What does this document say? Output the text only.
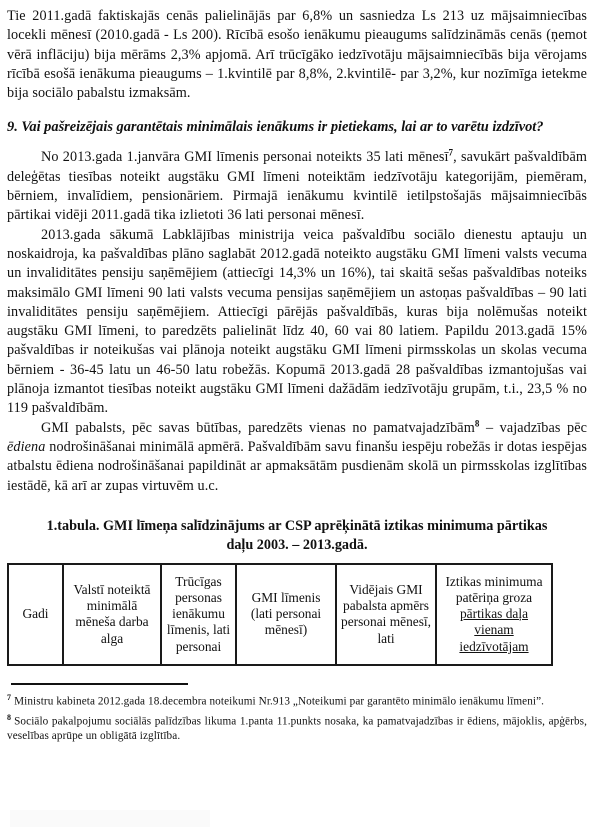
Tie 2011.gadā faktiskajās cenās palielinājās par 6,8% un sasniedza Ls 213 uz mājsaimniecības locekli mēnesī (2010.gadā - Ls 200). Rīcībā esošo ienākumu pieaugums salīdzināmās cenās (ņemot vērā inflāciju) bija mērāms 2,3% apjomā. Arī trūcīgāko iedzīvotāju mājsaimniecībās bija vērojams rīcībā esošā ienākuma pieaugums – 1.kvintilē par 8,8%, 2.kvintilē- par 3,2%, kur nozīmīga ietekme bija sociālo pabalstu izmaksām.

9. Vai pašreizējais garantētais minimālais ienākums ir pietiekams, lai ar to varētu izdzīvot?

No 2013.gada 1.janvāra GMI līmenis personai noteikts 35 lati mēnesī$^7$, savukārt pašvaldībām deleģētas tiesības noteikt augstāku GMI līmeni noteiktām iedzīvotāju kategorijām, piemēram, bērniem, invalīdiem, pensionāriem. Pirmajā ienākumu kvintilē ietilpstošajās mājsaimniecībās pārtikai vidēji 2011.gadā tika izlietoti 36 lati personai mēnesī.

2013.gada sākumā Labklājības ministrija veica pašvaldību sociālo dienestu aptauju un noskaidroja, ka pašvaldības plāno saglabāt 2012.gadā noteikto augstāku GMI līmeni valsts vecuma un invaliditātes pensiju saņēmējiem (attiecīgi 14,3% un 16%), tai skaitā sešas pašvaldības noteiks maksimālo GMI līmeni 90 lati valsts vecuma pensijas saņēmējiem un astoņas pašvaldības – 90 lati invaliditātes pensiju saņēmējiem. Attiecīgi pārējās pašvaldībās, kuras bija nolēmušas noteikt augstāku GMI līmeni, to paredzēts palielināt līdz 40, 60 vai 80 latiem. Papildu 2013.gadā 15% pašvaldības ir noteikušas vai plānoja noteikt augstāku GMI līmeni pirmsskolas un skolas vecuma bērniem - 36-45 latu un 46-50 latu robežās. Kopumā 2013.gadā 28 pašvaldības izmantojušas vai plānoja izmantot tiesības noteikt augstāku GMI līmeni dažādām iedzīvotāju grupām, t.i., 23,5 % no 119 pašvaldībām.

GMI pabalsts, pēc savas būtības, paredzēts vienas no pamatvajadzībām$^8$ – vajadzības pēc ēdiena nodrošināšanai minimālā apmērā. Pašvaldībām savu finanšu iespēju robežās ir dotas iespējas atbalstu ēdiena nodrošināšanai papildināt ar apmaksātām pusdienām skolā un pirmsskolas izglītības iestādē, kā arī ar zupas virtuvēm u.c.

1.tabula. GMI līmeņa salīdzinājums ar CSP aprēķinātā iztikas minimuma pārtikas daļu 2003. – 2013.gadā.

Gadi	Valstī noteiktā minimālā mēneša darba alga	Trūcīgas personas ienākumu līmenis, lati personai	GMI līmenis (lati personai mēnesī)	Vidējais GMI pabalsta apmērs personai mēnesī, lati	Iztikas minimuma patēriņa groza pārtikas daļa vienam iedzīvotājam
$^7$ Ministru kabineta 2012.gada 18.decembra noteikumi Nr.913 „Noteikumi par garantēto minimālo ienākumu līmeni”.
$^8$ Sociālo pakalpojumu sociālās palīdzības likuma 1.panta 11.punkts nosaka, ka pamatvajadzības ir ēdiens, mājoklis, apģērbs, veselības aprūpe un obligātā izglītība.
